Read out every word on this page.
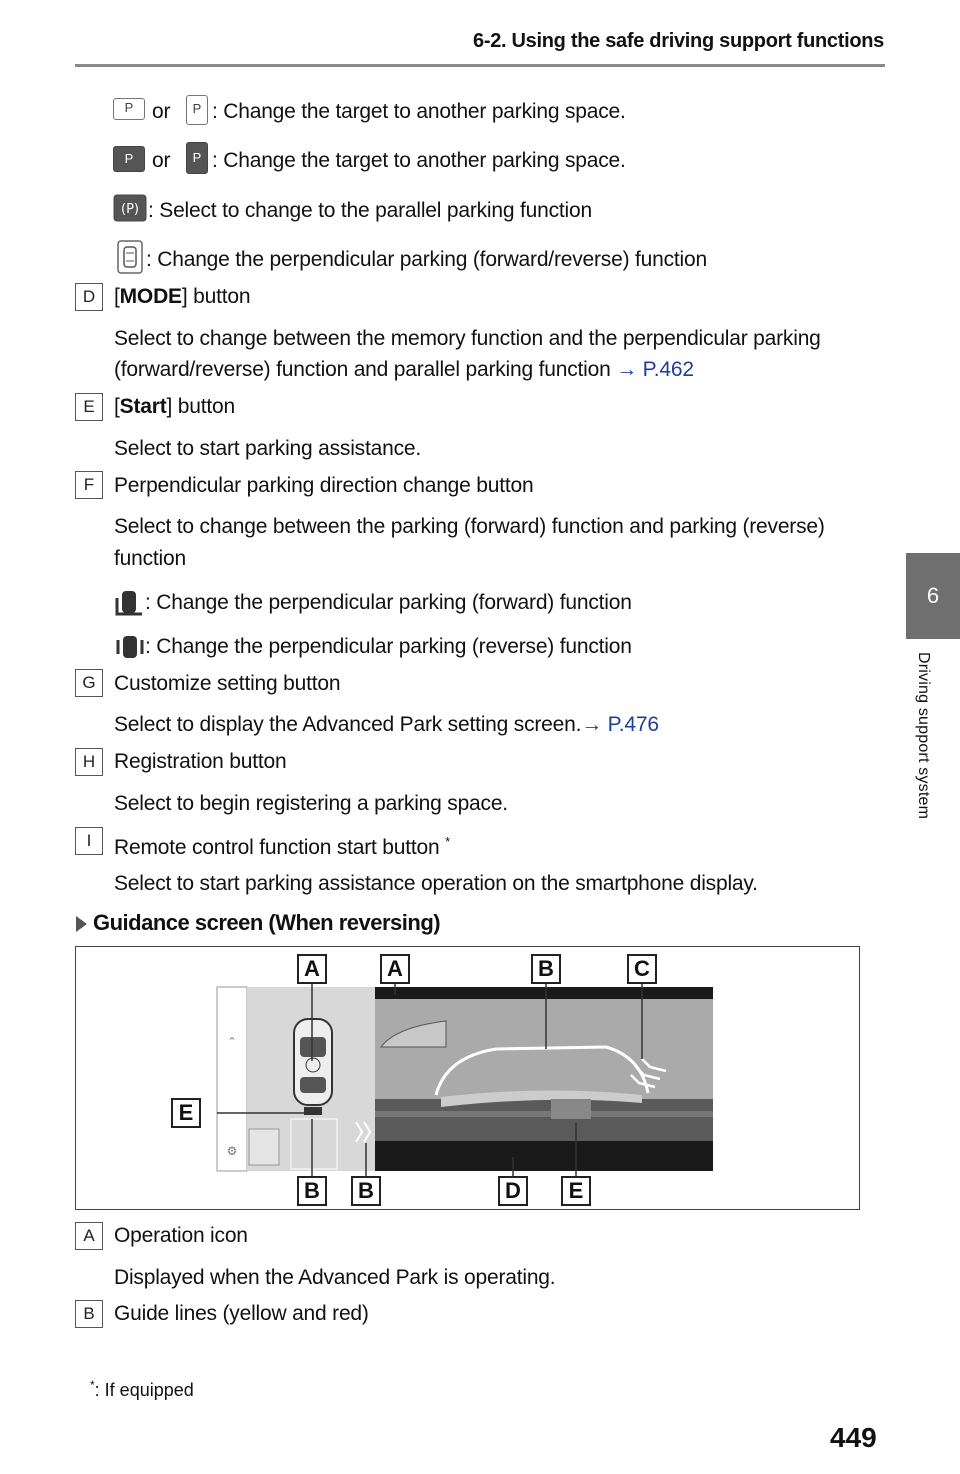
6-2. Using the safe driving support functions
6
Driving support system
P or	P : Change the target to another parking space.
P or	P : Change the target to another parking space.
(P) : Select to change to the parallel parking function
: Change the perpendicular parking (forward/reverse) function
D [MODE] button
Select to change between the memory function and the perpendicular parking
(forward/reverse) function and parallel parking function → P.462
E [Start] button
Select to start parking assistance.
F Perpendicular parking direction change button
Select to change between the parking (forward) function and parking (reverse)
function
: Change the perpendicular parking (forward) function
: Change the perpendicular parking (reverse) function
G Customize setting button
Select to display the Advanced Park setting screen.→ P.476
H Registration button
Select to begin registering a parking space.
I	Remote control function start button *
Select to start parking assistance operation on the smartphone display.
Guidance screen (When reversing)
⌃
⚙
A	A	B	C
E
B	B	D	E
A Operation icon
Displayed when the Advanced Park is operating.
B Guide lines (yellow and red)
*: If equipped
449
